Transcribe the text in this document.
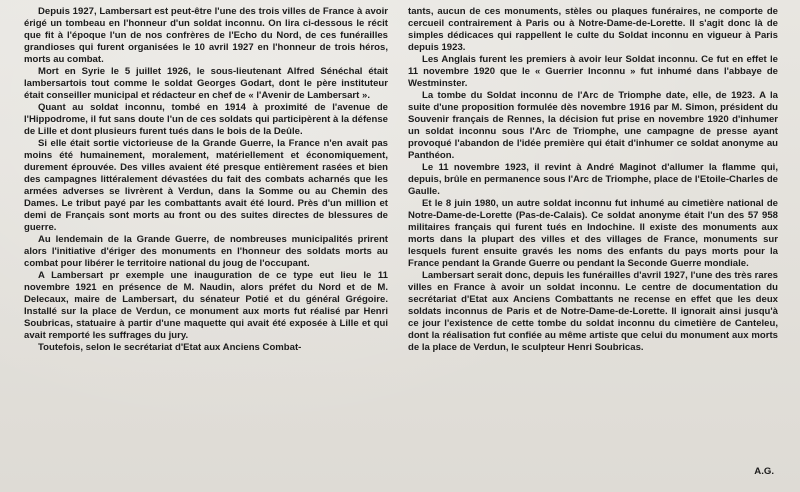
Depuis 1927, Lambersart est peut-être l'une des trois villes de France à avoir érigé un tombeau en l'honneur d'un soldat inconnu. On lira ci-dessous le récit que fit à l'époque l'un de nos confrères de l'Echo du Nord, de ces funérailles grandioses qui furent organisées le 10 avril 1927 en l'honneur de trois héros, morts au combat.

Mort en Syrie le 5 juillet 1926, le sous-lieutenant Alfred Sénéchal était lambersartois tout comme le soldat Georges Godart, dont le père instituteur était conseiller municipal et rédacteur en chef de « l'Avenir de Lambersart ».

Quant au soldat inconnu, tombé en 1914 à proximité de l'avenue de l'Hippodrome, il fut sans doute l'un de ces soldats qui participèrent à la défense de Lille et dont plusieurs furent tués dans le bois de la Deûle.

Si elle était sortie victorieuse de la Grande Guerre, la France n'en avait pas moins été humainement, moralement, matériellement et économiquement, durement éprouvée. Des villes avaient été presque entièrement rasées et bien des campagnes littéralement dévastées du fait des combats acharnés que les armées adverses se livrèrent à Verdun, dans la Somme ou au Chemin des Dames. Le tribut payé par les combattants avait été lourd. Près d'un million et demi de Français sont morts au front ou des suites directes de blessures de guerre.

Au lendemain de la Grande Guerre, de nombreuses municipalités prirent alors l'initiative d'ériger des monuments en l'honneur des soldats morts au combat pour libérer le territoire national du joug de l'occupant.

A Lambersart pr exemple une inauguration de ce type eut lieu le 11 novembre 1921 en présence de M. Naudin, alors préfet du Nord et de M. Delecaux, maire de Lambersart, du sénateur Potié et du général Grégoire. Installé sur la place de Verdun, ce monument aux morts fut réalisé par Henri Soubricas, statuaire à partir d'une maquette qui avait été exposée à Lille et qui avait remporté les suffrages du jury.

Toutefois, selon le secrétariat d'Etat aux Anciens Combat-

tants, aucun de ces monuments, stèles ou plaques funéraires, ne comporte de cercueil contrairement à Paris ou à Notre-Dame-de-Lorette. Il s'agit donc là de simples dédicaces qui rappellent le culte du Soldat inconnu en vigueur à Paris depuis 1923.

Les Anglais furent les premiers à avoir leur Soldat inconnu. Ce fut en effet le 11 novembre 1920 que le « Guerrier Inconnu » fut inhumé dans l'abbaye de Westminster.

La tombe du Soldat inconnu de l'Arc de Triomphe date, elle, de 1923. A la suite d'une proposition formulée dès novembre 1916 par M. Simon, président du Souvenir français de Rennes, la décision fut prise en novembre 1920 d'inhumer un soldat inconnu sous l'Arc de Triomphe, une campagne de presse ayant provoqué l'abandon de l'idée première qui était d'inhumer ce soldat anonyme au Panthéon.

Le 11 novembre 1923, il revint à André Maginot d'allumer la flamme qui, depuis, brûle en permanence sous l'Arc de Triomphe, place de l'Etoile-Charles de Gaulle.

Et le 8 juin 1980, un autre soldat inconnu fut inhumé au cimetière national de Notre-Dame-de-Lorette (Pas-de-Calais). Ce soldat anonyme était l'un des 57 958 militaires français qui furent tués en Indochine. Il existe des monuments aux morts dans la plupart des villes et des villages de France, monuments sur lesquels furent ensuite gravés les noms des enfants du pays morts pour la France pendant la Grande Guerre ou pendant la Seconde Guerre mondiale.

Lambersart serait donc, depuis les funérailles d'avril 1927, l'une des très rares villes en France à avoir un soldat inconnu. Le centre de documentation du secrétariat d'Etat aux Anciens Combattants ne recense en effet que les deux soldats inconnus de Paris et de Notre-Dame-de-Lorette. Il ignorait ainsi jusqu'à ce jour l'existence de cette tombe du soldat inconnu du cimetière de Canteleu, dont la réalisation fut confiée au même artiste que celui du monument aux morts de la place de Verdun, le sculpteur Henri Soubricas.

A.G.
